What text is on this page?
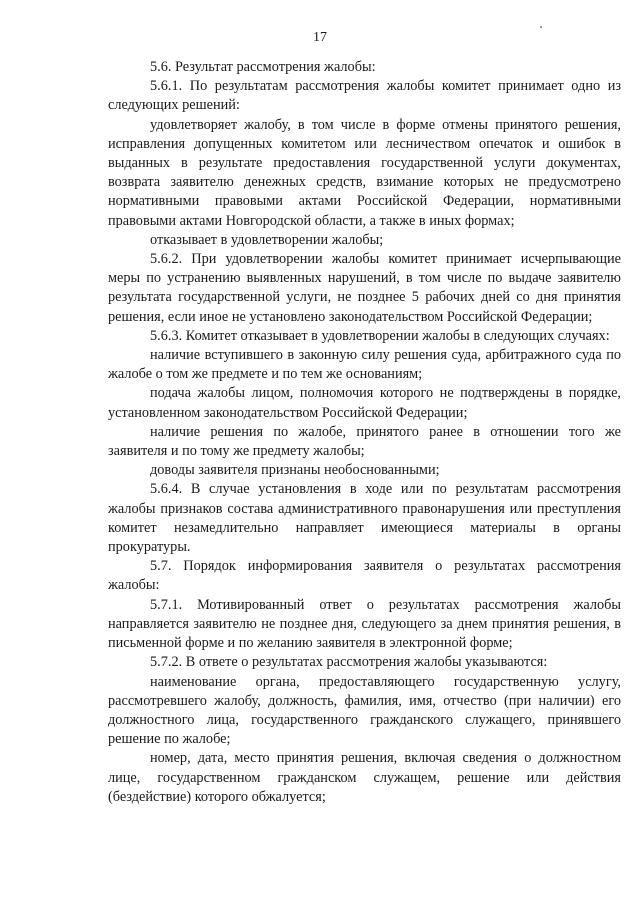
17

5.6. Результат рассмотрения жалобы:

5.6.1. По результатам рассмотрения жалобы комитет принимает одно из следующих решений:

удовлетворяет жалобу, в том числе в форме отмены принятого решения, исправления допущенных комитетом или лесничеством опечаток и ошибок в выданных в результате предоставления государственной услуги документах, возврата заявителю денежных средств, взимание которых не предусмотрено нормативными правовыми актами Российской Федерации, нормативными правовыми актами Новгородской области, а также в иных формах;

отказывает в удовлетворении жалобы;

5.6.2. При удовлетворении жалобы комитет принимает исчерпывающие меры по устранению выявленных нарушений, в том числе по выдаче заявителю результата государственной услуги, не позднее 5 рабочих дней со дня принятия решения, если иное не установлено законодательством Российской Федерации;

5.6.3. Комитет отказывает в удовлетворении жалобы в следующих случаях:

наличие вступившего в законную силу решения суда, арбитражного суда по жалобе о том же предмете и по тем же основаниям;

подача жалобы лицом, полномочия которого не подтверждены в порядке, установленном законодательством Российской Федерации;

наличие решения по жалобе, принятого ранее в отношении того же заявителя и по тому же предмету жалобы;

доводы заявителя признаны необоснованными;

5.6.4. В случае установления в ходе или по результатам рассмотрения жалобы признаков состава административного правонарушения или преступления комитет незамедлительно направляет имеющиеся материалы в органы прокуратуры.

5.7. Порядок информирования заявителя о результатах рассмотрения жалобы:

5.7.1. Мотивированный ответ о результатах рассмотрения жалобы направляется заявителю не позднее дня, следующего за днем принятия решения, в письменной форме и по желанию заявителя в электронной форме;

5.7.2. В ответе о результатах рассмотрения жалобы указываются:

наименование органа, предоставляющего государственную услугу, рассмотревшего жалобу, должность, фамилия, имя, отчество (при наличии) его должностного лица, государственного гражданского служащего, принявшего решение по жалобе;

номер, дата, место принятия решения, включая сведения о должностном лице, государственном гражданском служащем, решение или действия (бездействие) которого обжалуется;
